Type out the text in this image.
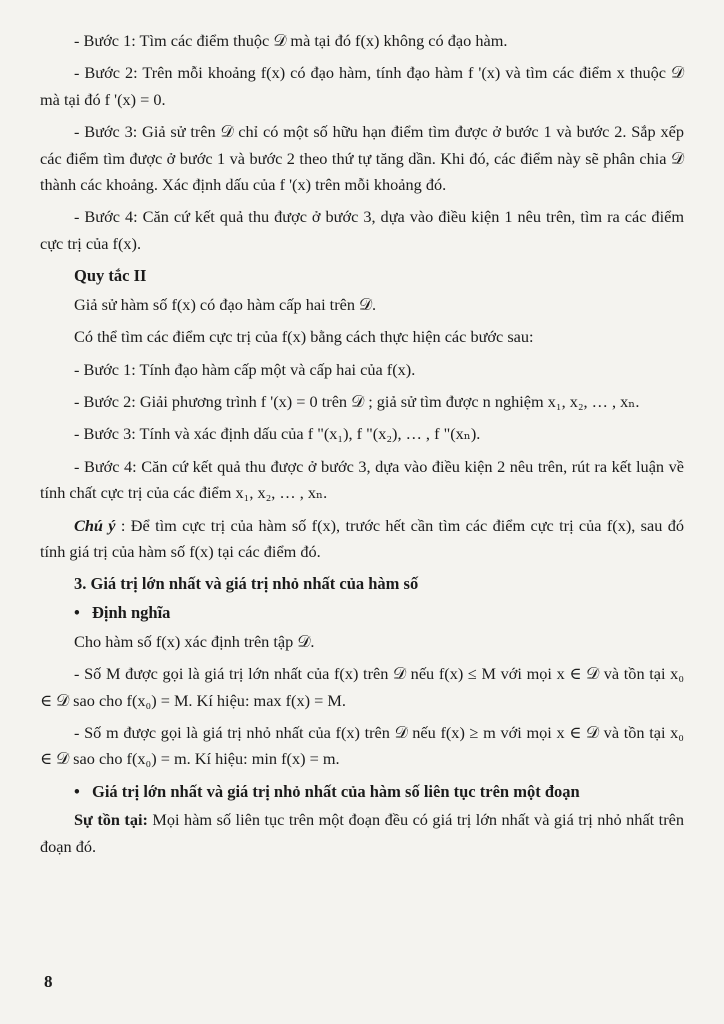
- Bước 1: Tìm các điểm thuộc 𝒟 mà tại đó f(x) không có đạo hàm.

- Bước 2: Trên mỗi khoảng f(x) có đạo hàm, tính đạo hàm f '(x) và tìm các điểm x thuộc 𝒟 mà tại đó f '(x) = 0.

- Bước 3: Giả sử trên 𝒟 chỉ có một số hữu hạn điểm tìm được ở bước 1 và bước 2. Sắp xếp các điểm tìm được ở bước 1 và bước 2 theo thứ tự tăng dần. Khi đó, các điểm này sẽ phân chia 𝒟 thành các khoảng. Xác định dấu của f '(x) trên mỗi khoảng đó.

- Bước 4: Căn cứ kết quả thu được ở bước 3, dựa vào điều kiện 1 nêu trên, tìm ra các điểm cực trị của f(x).

Quy tắc II

Giả sử hàm số f(x) có đạo hàm cấp hai trên 𝒟.

Có thể tìm các điểm cực trị của f(x) bằng cách thực hiện các bước sau:

- Bước 1: Tính đạo hàm cấp một và cấp hai của f(x).

- Bước 2: Giải phương trình f '(x) = 0 trên 𝒟 ; giả sử tìm được n nghiệm x₁, x₂, … , xₙ.

- Bước 3: Tính và xác định dấu của f "(x₁), f "(x₂), … , f "(xₙ).

- Bước 4: Căn cứ kết quả thu được ở bước 3, dựa vào điều kiện 2 nêu trên, rút ra kết luận về tính chất cực trị của các điểm x₁, x₂, … , xₙ.

Chú ý : Để tìm cực trị của hàm số f(x), trước hết cần tìm các điểm cực trị của f(x), sau đó tính giá trị của hàm số f(x) tại các điểm đó.

3. Giá trị lớn nhất và giá trị nhỏ nhất của hàm số
• Định nghĩa

Cho hàm số f(x) xác định trên tập 𝒟.

- Số M được gọi là giá trị lớn nhất của f(x) trên 𝒟 nếu f(x) ≤ M với mọi x ∈ 𝒟 và tồn tại x₀ ∈ 𝒟 sao cho f(x₀) = M. Kí hiệu: max f(x) = M.

- Số m được gọi là giá trị nhỏ nhất của f(x) trên 𝒟 nếu f(x) ≥ m với mọi x ∈ 𝒟 và tồn tại x₀ ∈ 𝒟 sao cho f(x₀) = m. Kí hiệu: min f(x) = m.

• Giá trị lớn nhất và giá trị nhỏ nhất của hàm số liên tục trên một đoạn

Sự tồn tại: Mọi hàm số liên tục trên một đoạn đều có giá trị lớn nhất và giá trị nhỏ nhất trên đoạn đó.

8
